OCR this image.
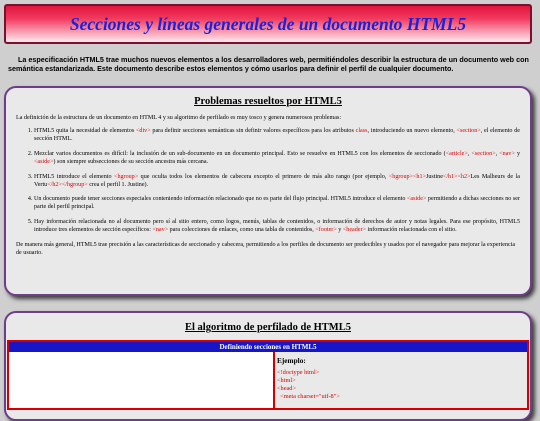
Secciones y líneas generales de un documento HTML5

La especificación HTML5 trae muchos nuevos elementos a los desarrolladores web, permitiéndoles describir la estructura de un documento web con semántica estandarizada. Este documento describe estos elementos y cómo usarlos para definir el perfil de cualquier documento.

Problemas resueltos por HTML5

La definición de la estructura de un documento en HTML 4 y su algoritmo de perfilado es muy tosco y genera numerosos problemas:

1. HTML5 quita la necesidad de elementos <div> para definir secciones semánticas sin definir valores específicos para los atributos class, introduciendo un nuevo elemento, <section>, el elemento de sección HTML.
2. Mezclar varios documentos es difícil: la inclusión de un sub-documento en un documento principal. Esto se resuelve en HTML5 con los elementos de seccionado (<article>, <section>, <nav> y <aside>) son siempre subsecciones de su sección ancestra más cercana.
3. HTML5 introduce el elemento <hgroup> que oculta todos los elementos de cabecera excepto el primero de más alto rango (por ejemplo, <hgroup><h1>Justine</h1><h2>Les Malheurs de la Vertu</h2></hgroup> crea el perfil 1. Justine).
4. Un documento puede tener secciones especiales conteniendo información relacionado que no es parte del flujo principal. HTML5 introduce el elemento <aside> permitiendo a dichas secciones no ser parte del perfil principal.
5. Hay información relacionada no al documento pero sí al sitio entero, como logos, menús, tablas de contenidos, o información de derechos de autor y notas legales. Para ese propósito, HTML5 introduce tres elementos de sección específicos: <nav> para colecciones de enlaces, como una tabla de contenidos, <footer> y <header> información relacionada con el sitio.

De manera más general, HTML5 trae precisión a las características de seccionado y cabecera, permitiendo a los perfiles de documento ser predecibles y usados por el navegador para mejorar la experiencia de usuario.

El algoritmo de perfilado de HTML5
Definiendo secciones en HTML5
Ejemplo:
<!doctype html>
<html>
<head>
<meta charset="utf-8">
